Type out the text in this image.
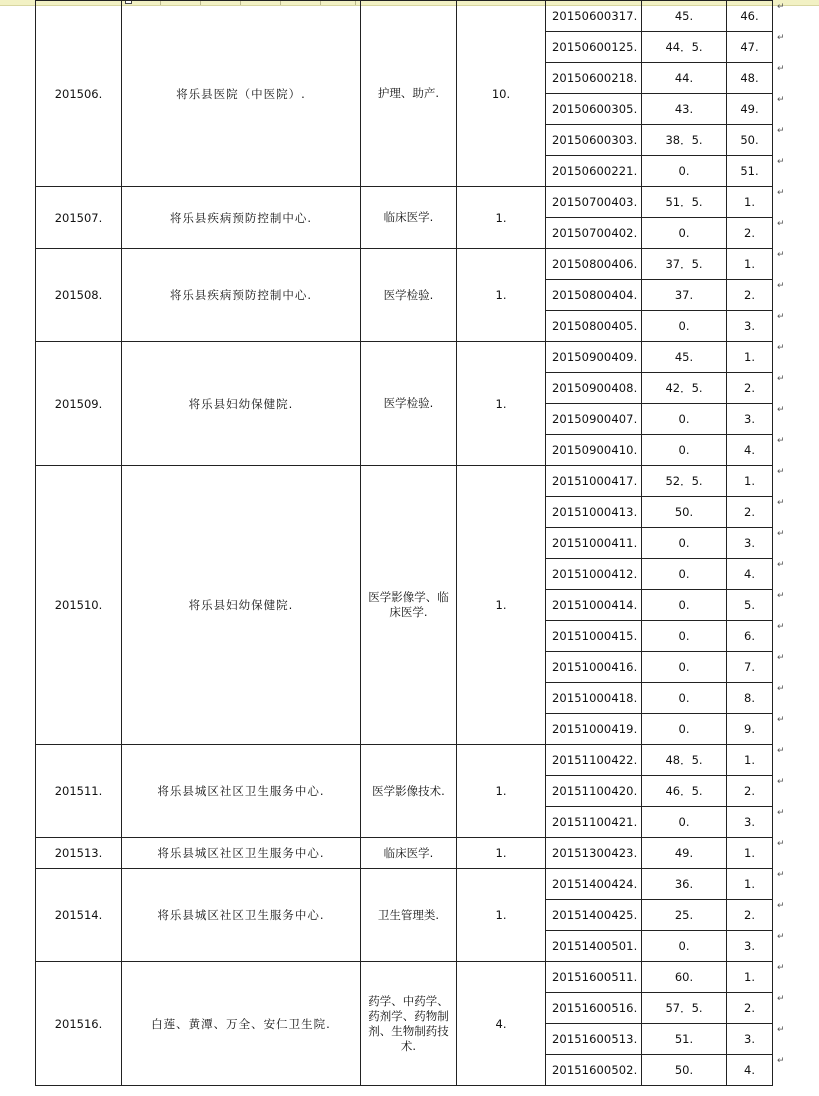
201506.	将乐县医院（中医院）.	护理、助产.	10.	20150600317.	45.	46.
				20150600125.	44．5.	47.
				20150600218.	44.	48.
				20150600305.	43.	49.
				20150600303.	38．5.	50.
				20150600221.	0.	51.
201507.	将乐县疾病预防控制中心.	临床医学.	1.	20150700403.	51．5.	1.
				20150700402.	0.	2.
201508.	将乐县疾病预防控制中心.	医学检验.	1.	20150800406.	37．5.	1.
				20150800404.	37.	2.
				20150800405.	0.	3.
201509.	将乐县妇幼保健院.	医学检验.	1.	20150900409.	45.	1.
				20150900408.	42．5.	2.
				20150900407.	0.	3.
				20150900410.	0.	4.
201510.	将乐县妇幼保健院.	医学影像学、临床医学.	1.	20151000417.	52．5.	1.
				20151000413.	50.	2.
				20151000411.	0.	3.
				20151000412.	0.	4.
				20151000414.	0.	5.
				20151000415.	0.	6.
				20151000416.	0.	7.
				20151000418.	0.	8.
				20151000419.	0.	9.
201511.	将乐县城区社区卫生服务中心.	医学影像技术.	1.	20151100422.	48．5.	1.
				20151100420.	46．5.	2.
				20151100421.	0.	3.
201513.	将乐县城区社区卫生服务中心.	临床医学.	1.	20151300423.	49.	1.
201514.	将乐县城区社区卫生服务中心.	卫生管理类.	1.	20151400424.	36.	1.
				20151400425.	25.	2.
				20151400501.	0.	3.
201516.	白莲、黄潭、万全、安仁卫生院.	药学、中药学、药剂学、药物制剂、生物制药技术.	4.	20151600511.	60.	1.
				20151600516.	57．5.	2.
				20151600513.	51.	3.
				20151600502.	50.	4.
↵
↵
↵
↵
↵
↵
↵
↵
↵
↵
↵
↵
↵
↵
↵
↵
↵
↵
↵
↵
↵
↵
↵
↵
↵
↵
↵
↵
↵
↵
↵
↵
↵
↵
↵
